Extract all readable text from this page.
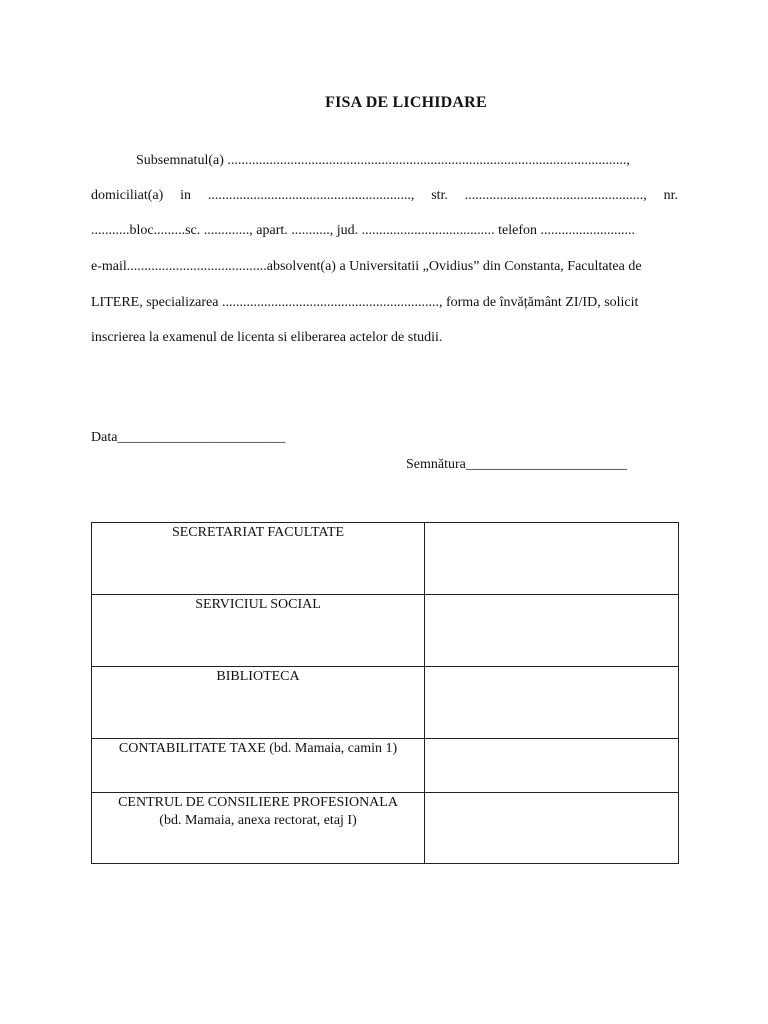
FISA DE LICHIDARE
Subsemnatul(a) ..................................................................................................................,
domiciliat(a) in .........................................................., str. ..................................................., nr.
...........bloc.........sc. ............., apart. ..........., jud. ...................................... telefon ...........................
e-mail........................................absolvent(a) a Universitatii „Ovidius” din Constanta, Facultatea de
LITERE, specializarea .............................................................., forma de învățământ ZI/ID, solicit
inscrierea la examenul de licenta si eliberarea actelor de studii.
Data________________________
Semnătura_______________________
SECRETARIAT FACULTATE	

SERVICIUL SOCIAL	

BIBLIOTECA	

CONTABILITATE TAXE (bd. Mamaia, camin 1)	

CENTRUL DE CONSILIERE PROFESIONALA
(bd. Mamaia, anexa rectorat, etaj I)	
